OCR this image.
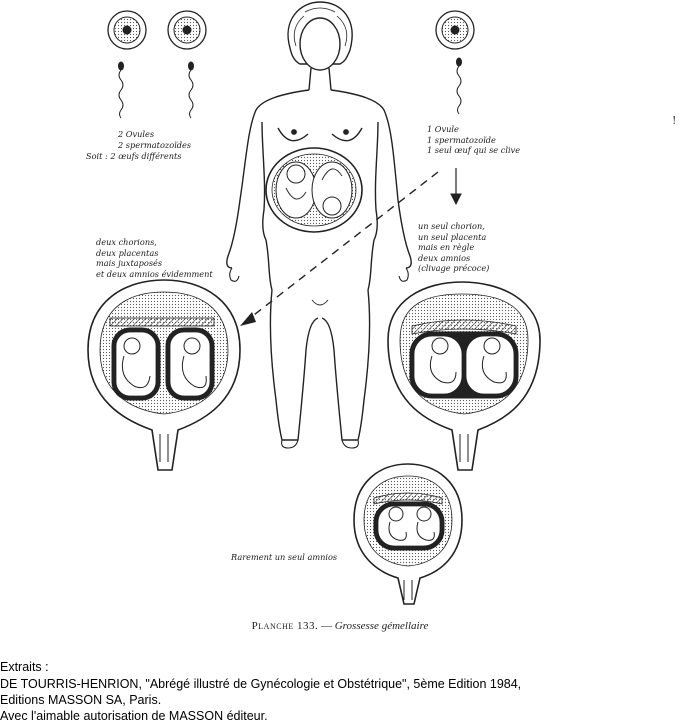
!
2 Ovules
2 spermatozoïdes
Soit : 2 œufs différents
1 Ovule
1 spermatozoïde
1 seul œuf qui se clive
deux chorions,
deux placentas
mais juxtaposés
et deux amnios évidemment
un seul chorion,
un seul placenta
mais en règle
deux amnios
(clivage précoce)
Rarement un seul amnios
Planche 133. — Grossesse gémellaire
Extraits :
DE TOURRIS-HENRION, "Abrégé illustré de Gynécologie et Obstétrique", 5ème Edition 1984,
Editions MASSON SA, Paris.
Avec l'aimable autorisation de MASSON éditeur.
